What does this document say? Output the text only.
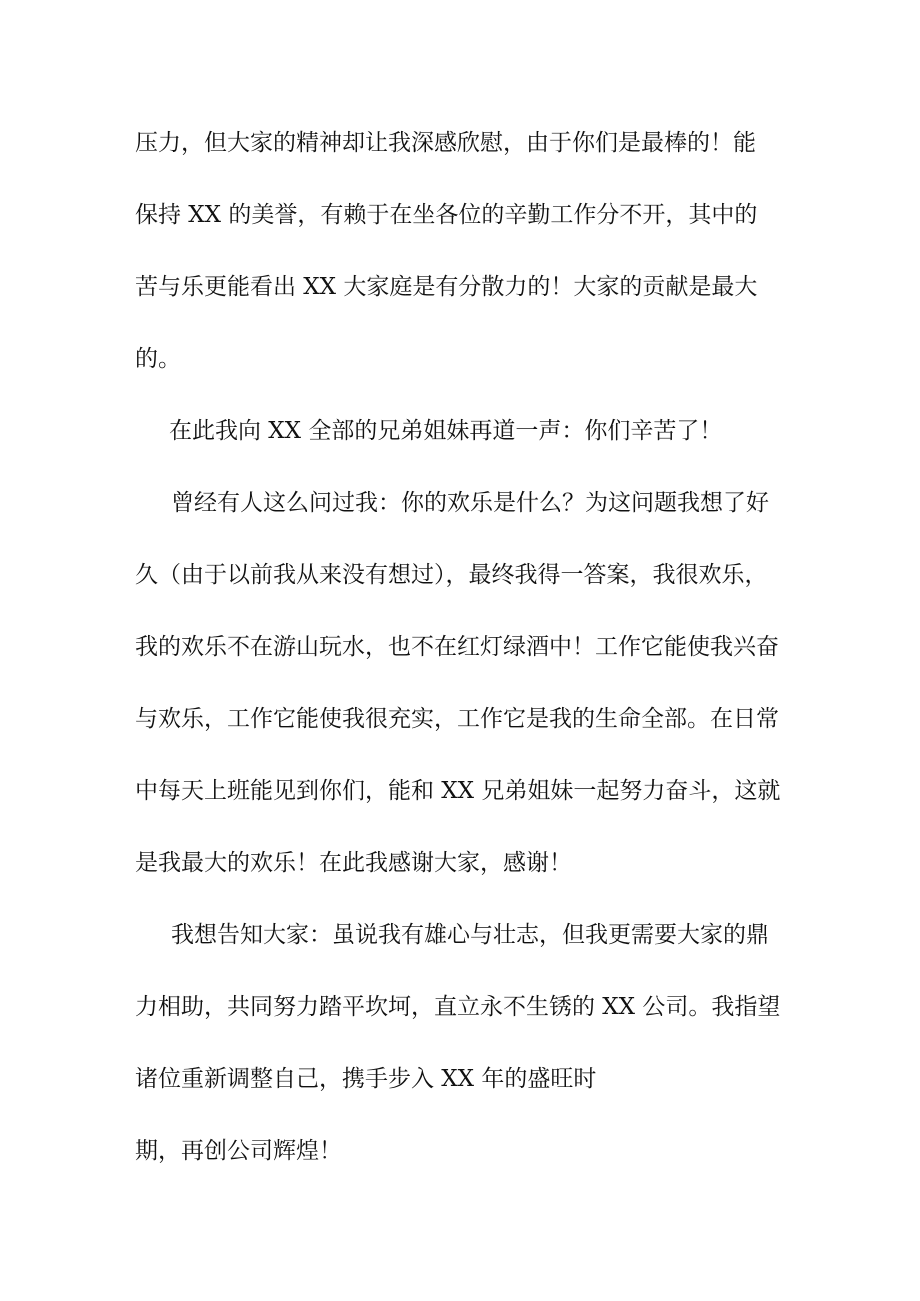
压力，但大家的精神却让我深感欣慰，由于你们是最棒的！能

保持 XX 的美誉，有赖于在坐各位的辛勤工作分不开，其中的

苦与乐更能看出 XX 大家庭是有分散力的！大家的贡献是最大

的。

在此我向 XX 全部的兄弟姐妹再道一声：你们辛苦了！

曾经有人这么问过我：你的欢乐是什么？为这问题我想了好

久（由于以前我从来没有想过），最终我得一答案，我很欢乐，

我的欢乐不在游山玩水，也不在红灯绿酒中！工作它能使我兴奋

与欢乐，工作它能使我很充实，工作它是我的生命全部。在日常

中每天上班能见到你们，能和 XX 兄弟姐妹一起努力奋斗，这就

是我最大的欢乐！在此我感谢大家，感谢！

我想告知大家：虽说我有雄心与壮志，但我更需要大家的鼎

力相助，共同努力踏平坎坷，直立永不生锈的 XX 公司。我指望

诸位重新调整自己，携手步入 XX 年的盛旺时

期，再创公司辉煌！
